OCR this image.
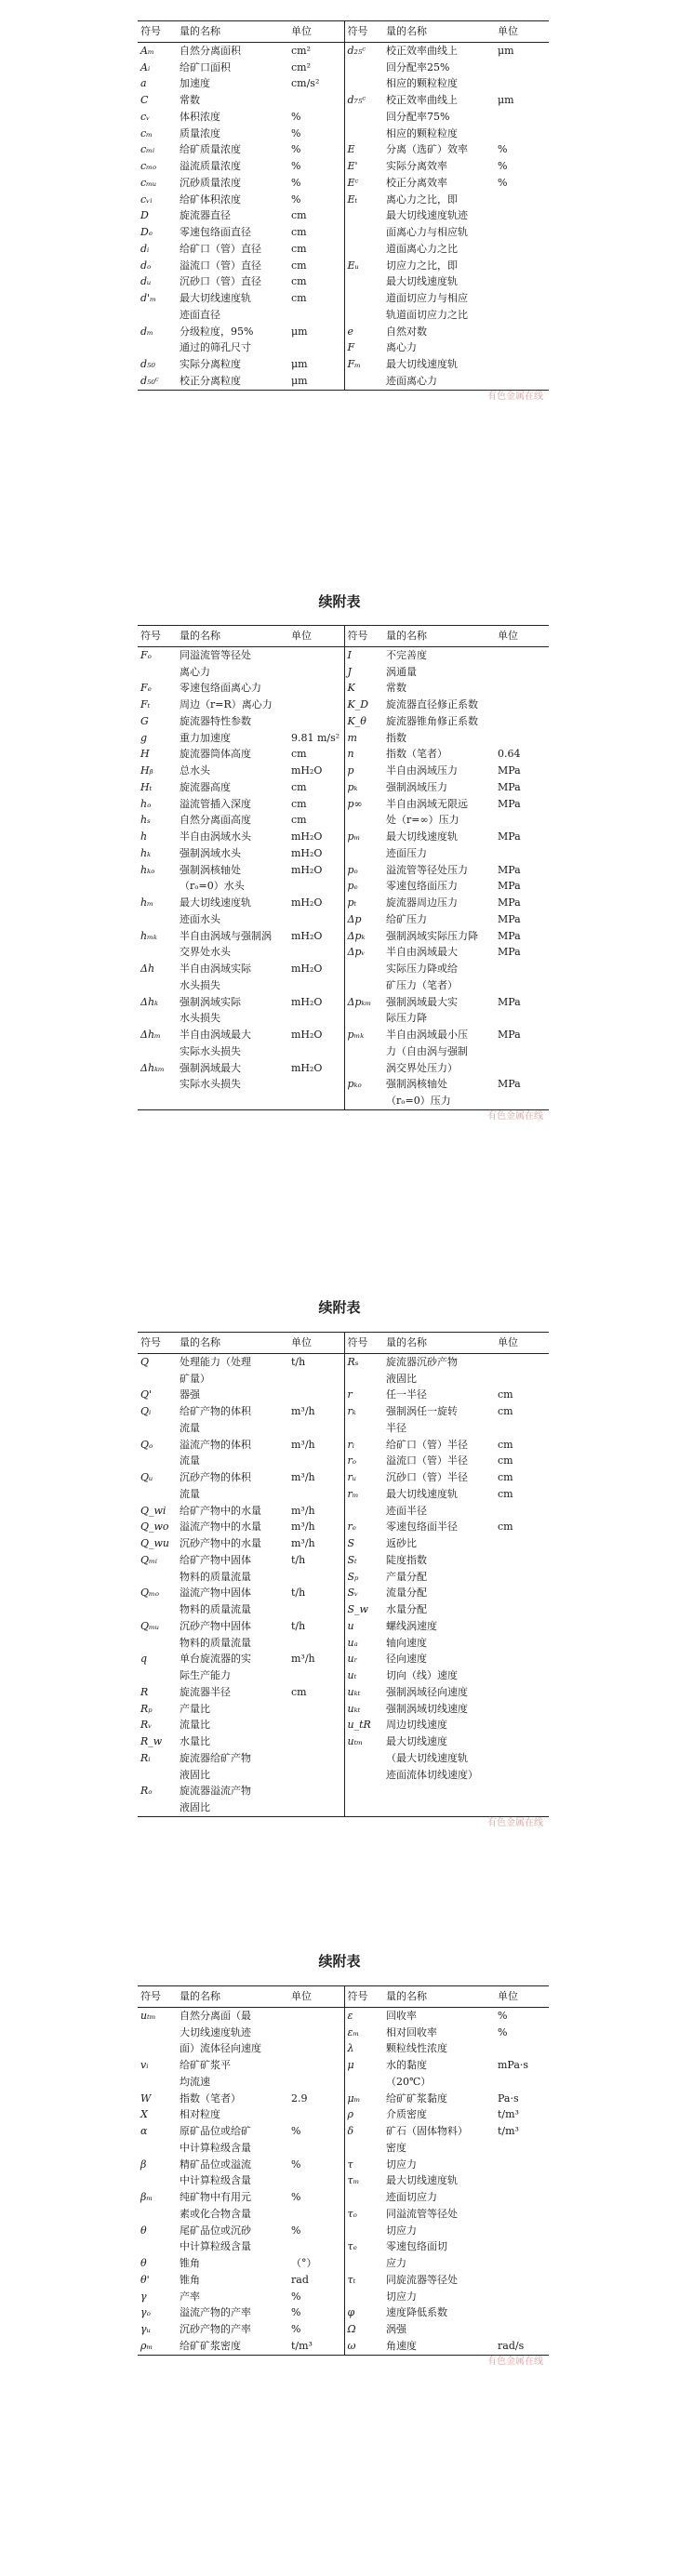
符号	量的名称	单位	符号	量的名称	单位
Aₘ	自然分离面积	cm²	d₂₅ᶜ	校正效率曲线上	μm
Aᵢ	给矿口面积	cm²		回分配率25%	
a	加速度	cm/s²		相应的颗粒粒度	
C	常数		d₇₅ᶜ	校正效率曲线上	μm
cᵥ	体积浓度	%		回分配率75%	
cₘ	质量浓度	%		相应的颗粒粒度	
cₘᵢ	给矿质量浓度	%	E	分离（选矿）效率	%
cₘₒ	溢流质量浓度	%	E'	实际分离效率	%
cₘᵤ	沉砂质量浓度	%	Eᶜ	校正分离效率	%
cᵥᵢ	给矿体积浓度	%	Eₜ	离心力之比，即	
D	旋流器直径	cm		最大切线速度轨迹	
Dₑ	零速包络面直径	cm		面离心力与相应轨	
dᵢ	给矿口（管）直径	cm		道面离心力之比	
dₒ	溢流口（管）直径	cm	Eᵤ	切应力之比，即	
dᵤ	沉砂口（管）直径	cm		最大切线速度轨	
d'ₘ	最大切线速度轨	cm		道面切应力与相应	
	迹面直径			轨道面切应力之比	
dₘ	分级粒度，95%	μm	e	自然对数	
	通过的筛孔尺寸		F	离心力	
d₅₀	实际分离粒度	μm	Fₘ	最大切线速度轨	
d₅₀ᶜ	校正分离粒度	μm		迹面离心力	
有色金属在线
续附表
符号	量的名称	单位	符号	量的名称	单位
Fₒ	同溢流管等径处		I	不完善度	
	离心力		J	涡通量	
Fₑ	零速包络面离心力		K	常数	
Fₜ	周边（r=R）离心力		K_D	旋流器直径修正系数	
G	旋流器特性参数		K_θ	旋流器锥角修正系数	
g	重力加速度	9.81 m/s²	m	指数	
H	旋流器筒体高度	cm	n	指数（笔者）	0.64
Hᵦ	总水头	mH₂O	p	半自由涡域压力	MPa
Hₜ	旋流器高度	cm	pₖ	强制涡域压力	MPa
hₒ	溢流管插入深度	cm	p∞	半自由涡域无限远	MPa
hₛ	自然分离面高度	cm		处（r=∞）压力	
h	半自由涡域水头	mH₂O	pₘ	最大切线速度轨	MPa
hₖ	强制涡域水头	mH₂O		迹面压力	
hₖₒ	强制涡核轴处	mH₂O	pₒ	溢流管等径处压力	MPa
	（rₒ=0）水头		pₑ	零速包络面压力	MPa
hₘ	最大切线速度轨	mH₂O	pₜ	旋流器周边压力	MPa
	迹面水头		Δp	给矿压力	MPa
hₘₖ	半自由涡域与强制涡	mH₂O	Δpₖ	强制涡域实际压力降	MPa
	交界处水头		Δpᵥ	半自由涡域最大	MPa
Δh	半自由涡域实际	mH₂O		实际压力降或给	
	水头损失			矿压力（笔者）	
Δhₖ	强制涡域实际	mH₂O	Δpₖₘ	强制涡域最大实	MPa
	水头损失			际压力降	
Δhₘ	半自由涡域最大	mH₂O	pₘₖ	半自由涡域最小压	MPa
	实际水头损失			力（自由涡与强制	
Δhₖₘ	强制涡域最大	mH₂O		涡交界处压力）	
	实际水头损失		pₖₒ	强制涡核轴处	MPa
				（rₒ=0）压力	
有色金属在线
续附表
符号	量的名称	单位	符号	量的名称	单位
Q	处理能力（处理	t/h	Rₛ	旋流器沉砂产物	
	矿量）			液固比	
Q'	器强		r	任一半径	cm
Qᵢ	给矿产物的体积	m³/h	rₖ	强制涡任一旋转	cm
	流量			半径	
Qₒ	溢流产物的体积	m³/h	rᵢ	给矿口（管）半径	cm
	流量		rₒ	溢流口（管）半径	cm
Qᵤ	沉砂产物的体积	m³/h	rᵤ	沉砂口（管）半径	cm
	流量		rₘ	最大切线速度轨	cm
Q_wi	给矿产物中的水量	m³/h		迹面半径	
Q_wo	溢流产物中的水量	m³/h	rₑ	零速包络面半径	cm
Q_wu	沉砂产物中的水量	m³/h	S	返砂比	
Qₘᵢ	给矿产物中固体	t/h	Sₜ	陡度指数	
	物料的质量流量		Sₚ	产量分配	
Qₘₒ	溢流产物中固体	t/h	Sᵥ	流量分配	
	物料的质量流量		S_w	水量分配	
Qₘᵤ	沉砂产物中固体	t/h	u	螺线涡速度	
	物料的质量流量		uₐ	轴向速度	
q	单台旋流器的实	m³/h	uᵣ	径向速度	
	际生产能力		uₜ	切向（线）速度	
R	旋流器半径	cm	uₖₜ	强制涡域径向速度	
Rₚ	产量比		uₖₜ	强制涡域切线速度	
Rᵥ	流量比		u_tR	周边切线速度	
R_w	水量比		uₜₘ	最大切线速度	
Rᵢ	旋流器给矿产物			（最大切线速度轨	
	液固比			迹面流体切线速度）	
Rₒ	旋流器溢流产物				
	液固比				
有色金属在线
续附表
符号	量的名称	单位	符号	量的名称	单位
uₜₘ	自然分离面（最		ε	回收率	%
	大切线速度轨迹		εₘ	相对回收率	%
	面）流体径向速度		λ	颗粒线性浓度	
vᵢ	给矿矿浆平		μ	水的黏度	mPa·s
	均流速			（20℃）	
W	指数（笔者）	2.9	μₘ	给矿矿浆黏度	Pa·s
X	相对粒度		ρ	介质密度	t/m³
α	原矿品位或给矿	%	δ	矿石（固体物料）	t/m³
	中计算粒级含量			密度	
β	精矿品位或溢流	%	τ	切应力	
	中计算粒级含量		τₘ	最大切线速度轨	
βₘ	纯矿物中有用元	%		迹面切应力	
	素或化合物含量		τₒ	同溢流管等径处	
θ	尾矿品位或沉砂	%		切应力	
	中计算粒级含量		τₑ	零速包络面切	
θ	锥角	（°）		应力	
θ'	锥角	rad	τₜ	同旋流器等径处	
γ	产率	%		切应力	
γₒ	溢流产物的产率	%	φ	速度降低系数	
γᵤ	沉砂产物的产率	%	Ω	涡强	
ρₘ	给矿矿浆密度	t/m³	ω	角速度	rad/s
有色金属在线
